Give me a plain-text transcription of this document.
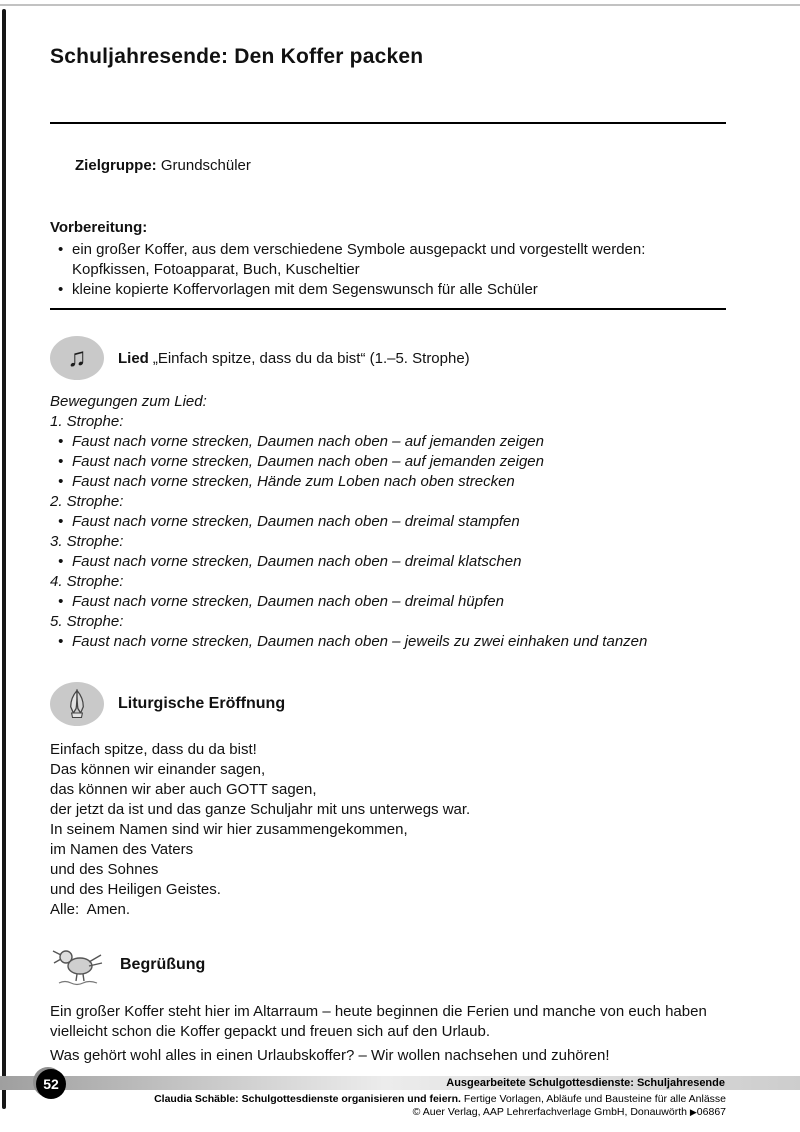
Schuljahresende: Den Koffer packen

Zielgruppe: Grundschüler

Vorbereitung:
• ein großer Koffer, aus dem verschiedene Symbole ausgepackt und vorgestellt werden: Kopfkissen, Fotoapparat, Buch, Kuscheltier
• kleine kopierte Koffervorlagen mit dem Segenswunsch für alle Schüler
♫ Lied „Einfach spitze, dass du da bist“ (1.–5. Strophe)
Bewegungen zum Lied:
1. Strophe:
• Faust nach vorne strecken, Daumen nach oben – auf jemanden zeigen
• Faust nach vorne strecken, Daumen nach oben – auf jemanden zeigen
• Faust nach vorne strecken, Hände zum Loben nach oben strecken
2. Strophe:
• Faust nach vorne strecken, Daumen nach oben – dreimal stampfen
3. Strophe:
• Faust nach vorne strecken, Daumen nach oben – dreimal klatschen
4. Strophe:
• Faust nach vorne strecken, Daumen nach oben – dreimal hüpfen
5. Strophe:
• Faust nach vorne strecken, Daumen nach oben – jeweils zu zwei einhaken und tanzen
Liturgische Eröffnung
Einfach spitze, dass du da bist!
Das können wir einander sagen,
das können wir aber auch GOTT sagen,
der jetzt da ist und das ganze Schuljahr mit uns unterwegs war.
In seinem Namen sind wir hier zusammengekommen,
im Namen des Vaters
und des Sohnes
und des Heiligen Geistes.
Alle:  Amen.
Begrüßung
Ein großer Koffer steht hier im Altarraum – heute beginnen die Ferien und manche von euch haben vielleicht schon die Koffer gepackt und freuen sich auf den Urlaub.
Was gehört wohl alles in einen Urlaubskoffer? – Wir wollen nachsehen und zuhören!
Ausgearbeitete Schulgottesdienste: Schuljahresende
52
Claudia Schäble: Schulgottesdienste organisieren und feiern. Fertige Vorlagen, Abläufe und Bausteine für alle Anlässe
© Auer Verlag, AAP Lehrerfachverlage GmbH, Donauwörth ▶06867
